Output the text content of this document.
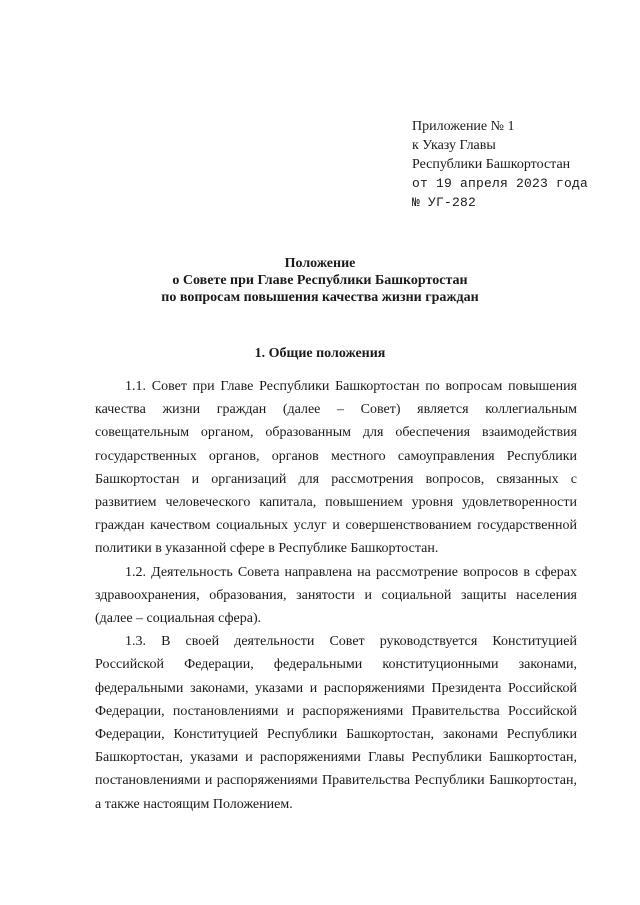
Приложение № 1
к Указу Главы
Республики Башкортостан
от 19 апреля 2023 года
№ УГ-282
Положение
о Совете при Главе Республики Башкортостан
по вопросам повышения качества жизни граждан
1. Общие положения

1.1. Совет при Главе Республики Башкортостан по вопросам повышения качества жизни граждан (далее – Совет) является коллегиальным совещательным органом, образованным для обеспечения взаимодействия государственных органов, органов местного самоуправления Республики Башкортостан и организаций для рассмотрения вопросов, связанных с развитием человеческого капитала, повышением уровня удовлетворенности граждан качеством социальных услуг и совершенствованием государственной политики в указанной сфере в Республике Башкортостан.

1.2. Деятельность Совета направлена на рассмотрение вопросов в сферах здравоохранения, образования, занятости и социальной защиты населения (далее – социальная сфера).

1.3. В своей деятельности Совет руководствуется Конституцией Российской Федерации, федеральными конституционными законами, федеральными законами, указами и распоряжениями Президента Российской Федерации, постановлениями и распоряжениями Правительства Российской Федерации, Конституцией Республики Башкортостан, законами Республики Башкортостан, указами и распоряжениями Главы Республики Башкортостан, постановлениями и распоряжениями Правительства Республики Башкортостан, а также настоящим Положением.
